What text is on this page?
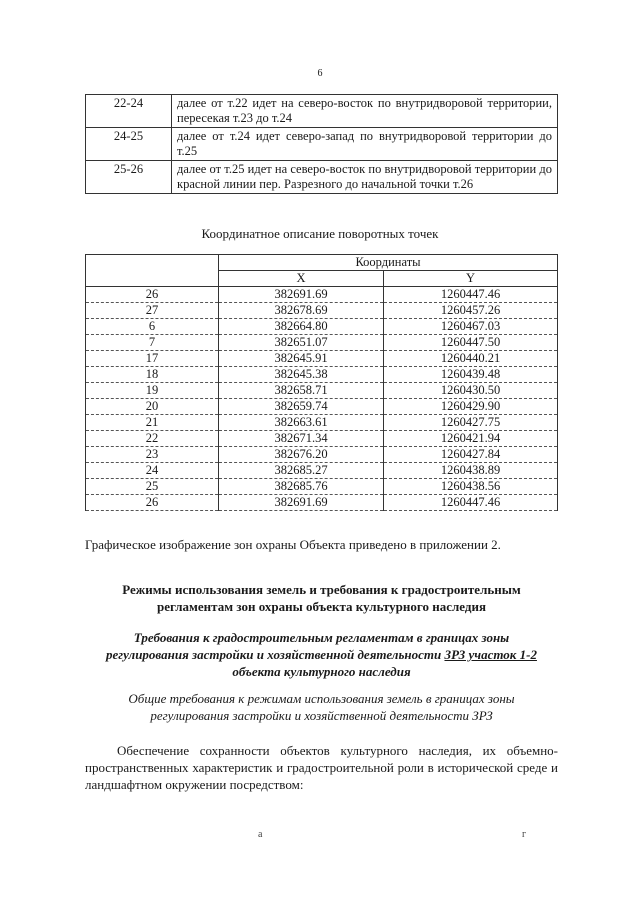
6
22-24	далее от т.22 идет на северо-восток по внутридворовой территории, пересекая т.23 до т.24
24-25	далее от т.24 идет северо-запад по внутридворовой территории до т.25
25-26	далее от т.25 идет на северо-восток по внутридворовой территории до красной линии пер. Разрезного до начальной точки т.26
Координатное описание поворотных точек
	Координаты	
	X	Y
26	382691.69	1260447.46
27	382678.69	1260457.26
6	382664.80	1260467.03
7	382651.07	1260447.50
17	382645.91	1260440.21
18	382645.38	1260439.48
19	382658.71	1260430.50
20	382659.74	1260429.90
21	382663.61	1260427.75
22	382671.34	1260421.94
23	382676.20	1260427.84
24	382685.27	1260438.89
25	382685.76	1260438.56
26	382691.69	1260447.46
Графическое изображение зон охраны Объекта приведено в приложении 2.
Режимы использования земель и требования к градостроительным
регламентам зон охраны объекта культурного наследия
Требования к градостроительным регламентам в границах зоны
регулирования застройки и хозяйственной деятельности ЗРЗ участок 1-2
объекта культурного наследия
Общие требования к режимам использования земель в границах зоны
регулирования застройки и хозяйственной деятельности ЗРЗ
Обеспечение сохранности объектов культурного наследия, их объемно-пространственных характеристик и градостроительной роли в исторической среде и ландшафтном окружении посредством:
а	г
